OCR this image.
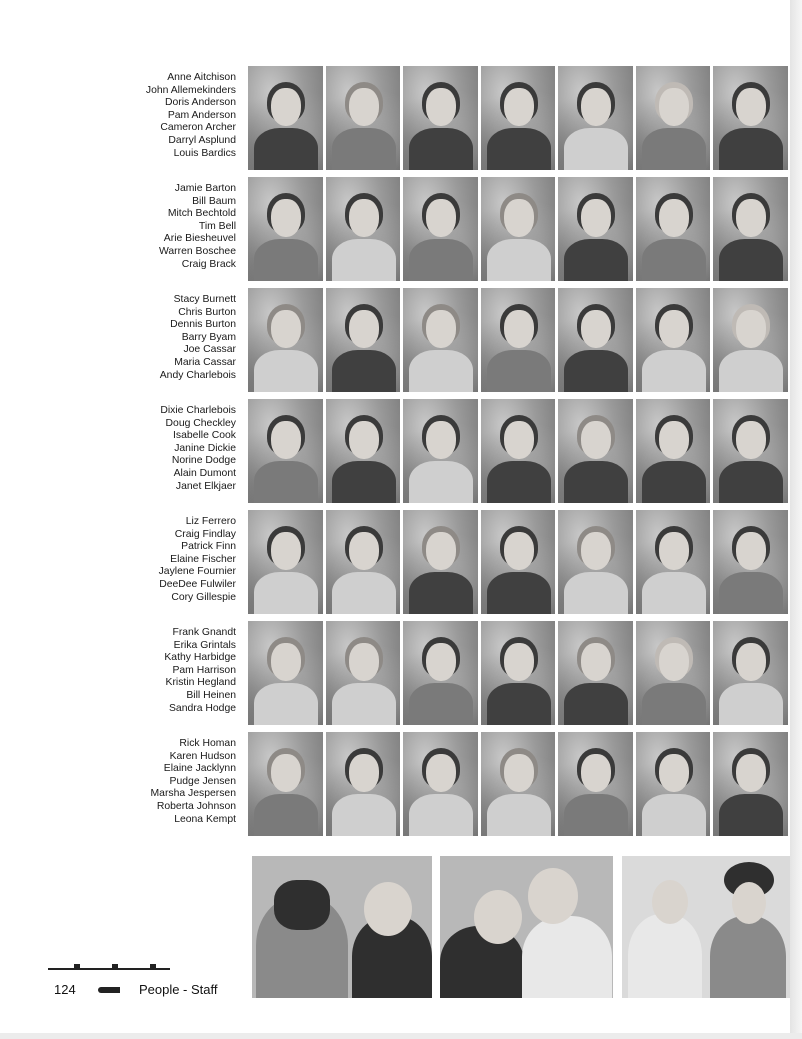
Anne Aitchison
John Allemekinders
Doris Anderson
Pam Anderson
Cameron Archer
Darryl Asplund
Louis Bardics
Jamie Barton
Bill Baum
Mitch Bechtold
Tim Bell
Arie Biesheuvel
Warren Boschee
Craig Brack
Stacy Burnett
Chris Burton
Dennis Burton
Barry Byam
Joe Cassar
Maria Cassar
Andy Charlebois
Dixie Charlebois
Doug Checkley
Isabelle Cook
Janine Dickie
Norine Dodge
Alain Dumont
Janet Elkjaer
Liz Ferrero
Craig Findlay
Patrick Finn
Elaine Fischer
Jaylene Fournier
DeeDee Fulwiler
Cory Gillespie
Frank Gnandt
Erika Grintals
Kathy Harbidge
Pam Harrison
Kristin Hegland
Bill Heinen
Sandra Hodge
Rick Homan
Karen Hudson
Elaine Jacklynn
Pudge Jensen
Marsha Jespersen
Roberta Johnson
Leona Kempt
124	People - Staff
